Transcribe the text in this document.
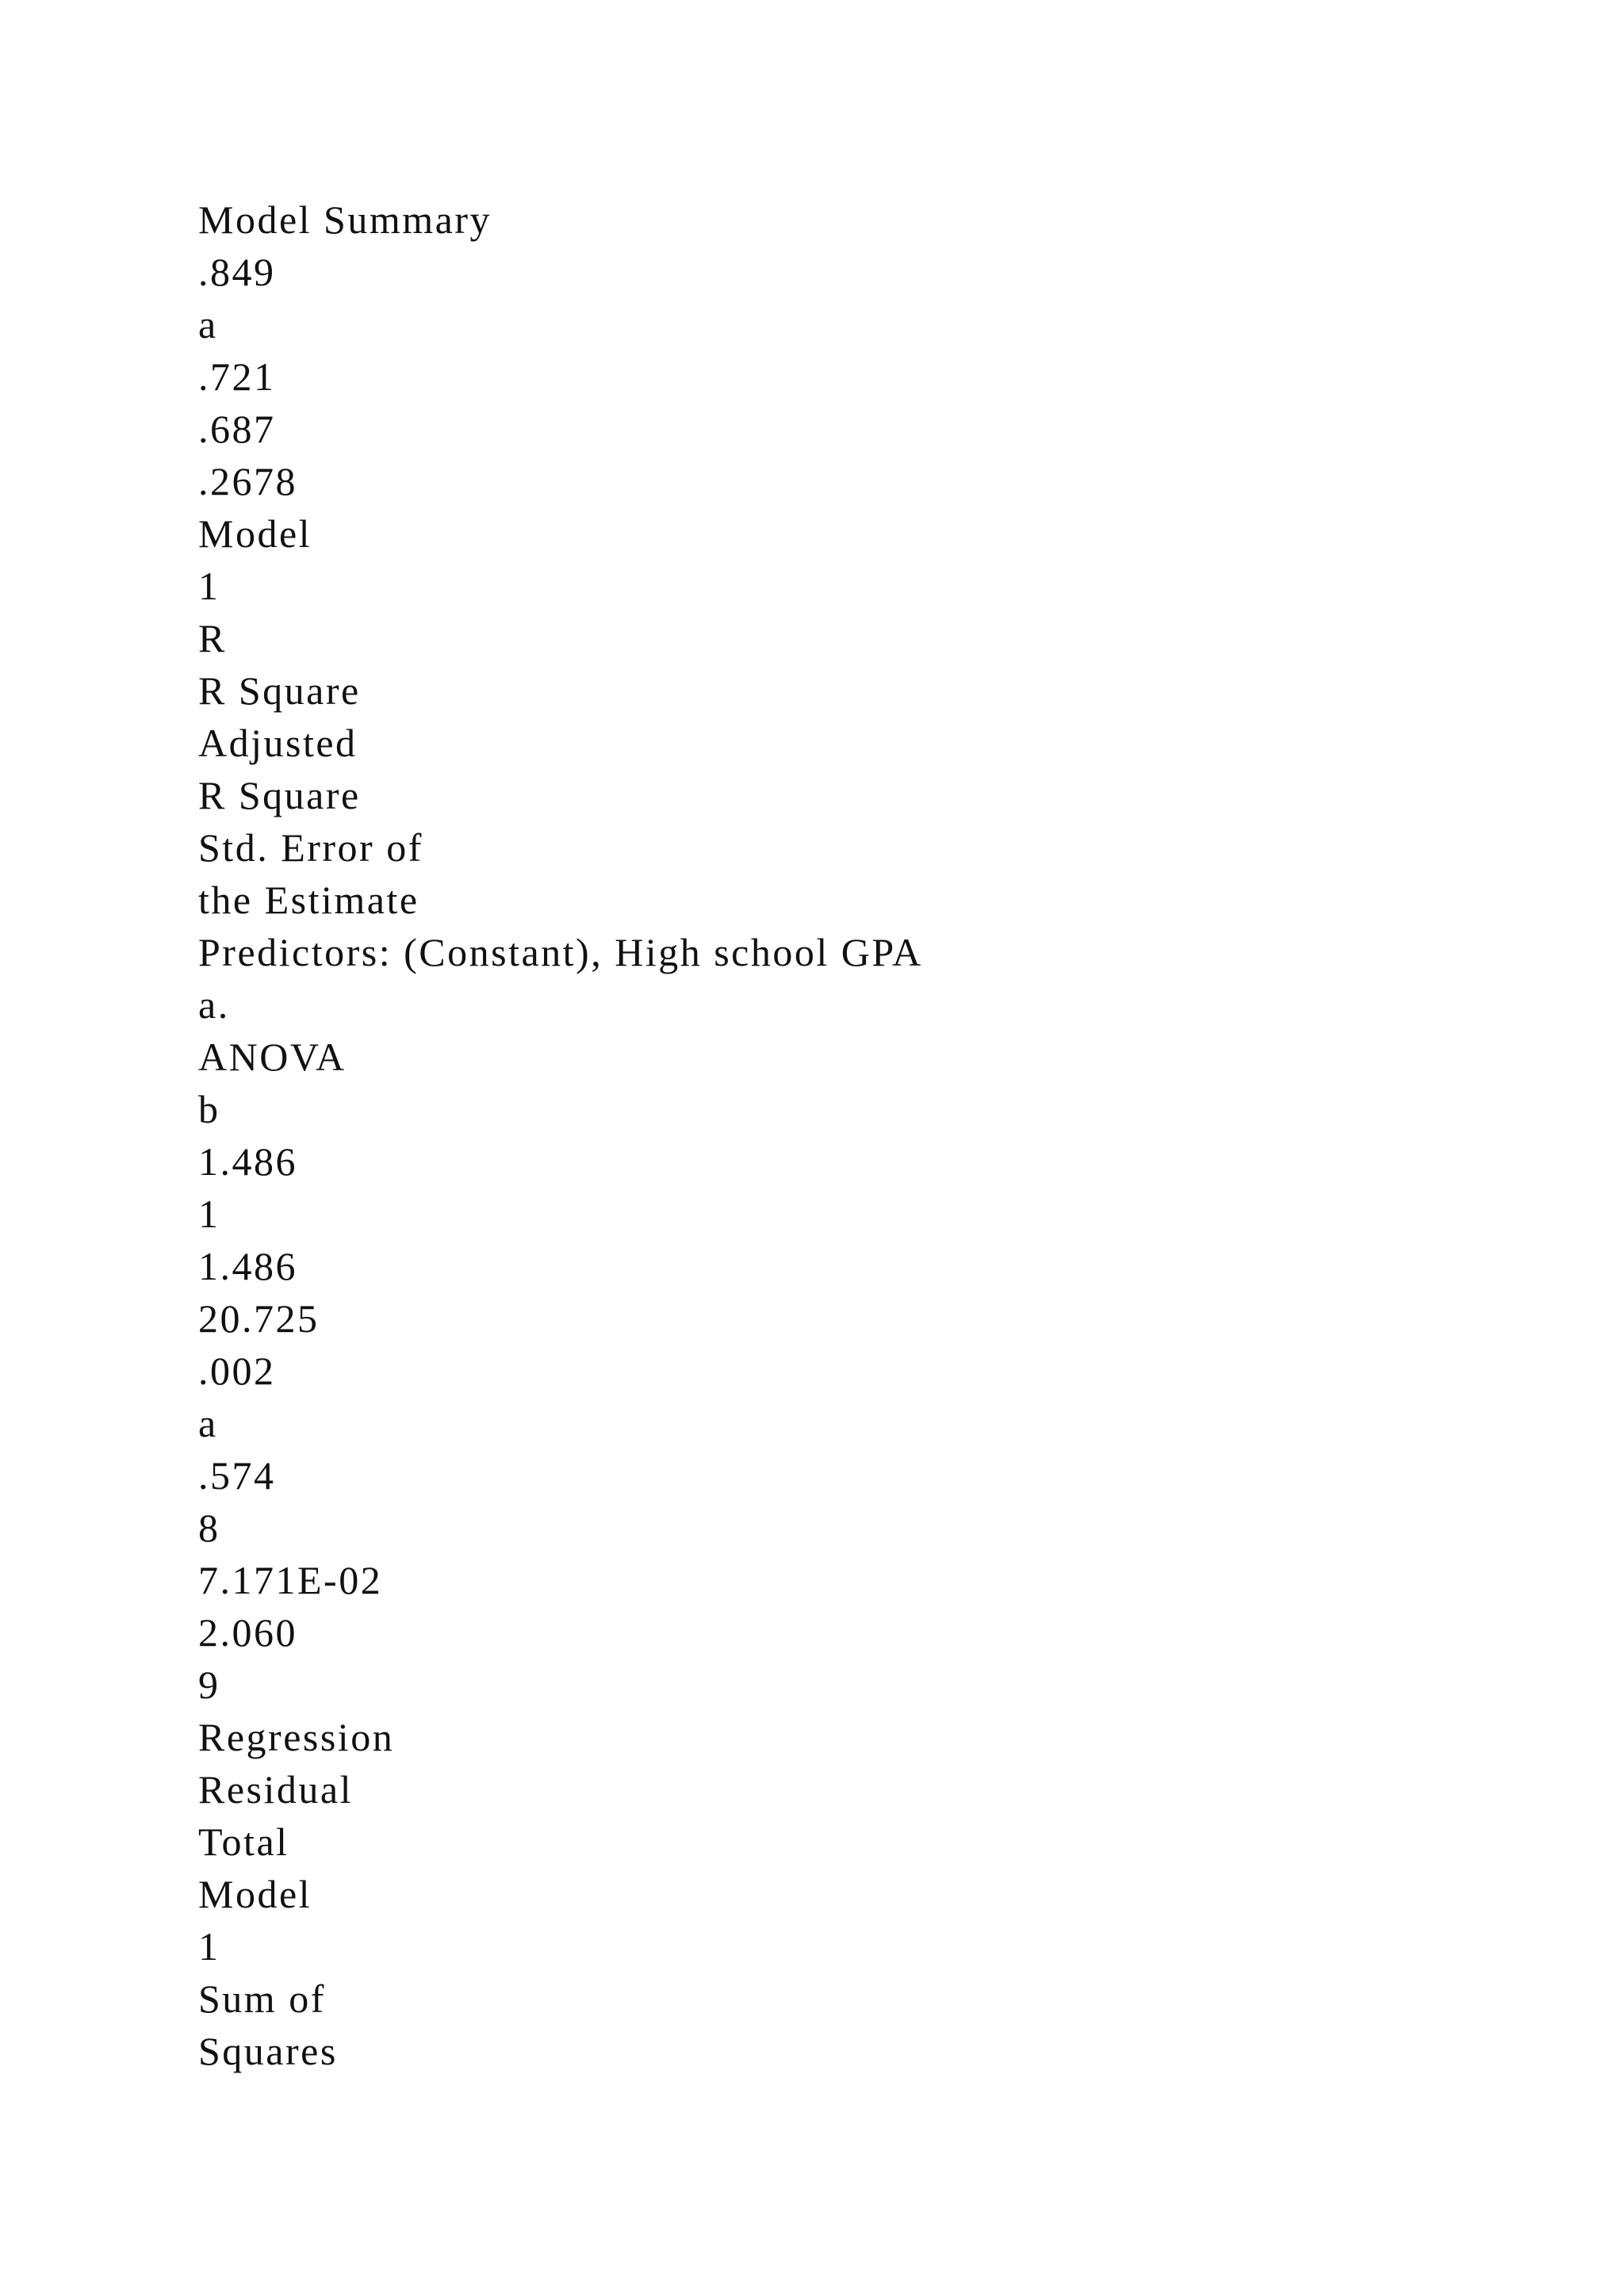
Model Summary
.849
a
.721
.687
.2678
Model
1
R
R Square
Adjusted
R Square
Std. Error of
the Estimate
Predictors: (Constant), High school GPA
a.
ANOVA
b
1.486
1
1.486
20.725
.002
a
.574
8
7.171E-02
2.060
9
Regression
Residual
Total
Model
1
Sum of
Squares
